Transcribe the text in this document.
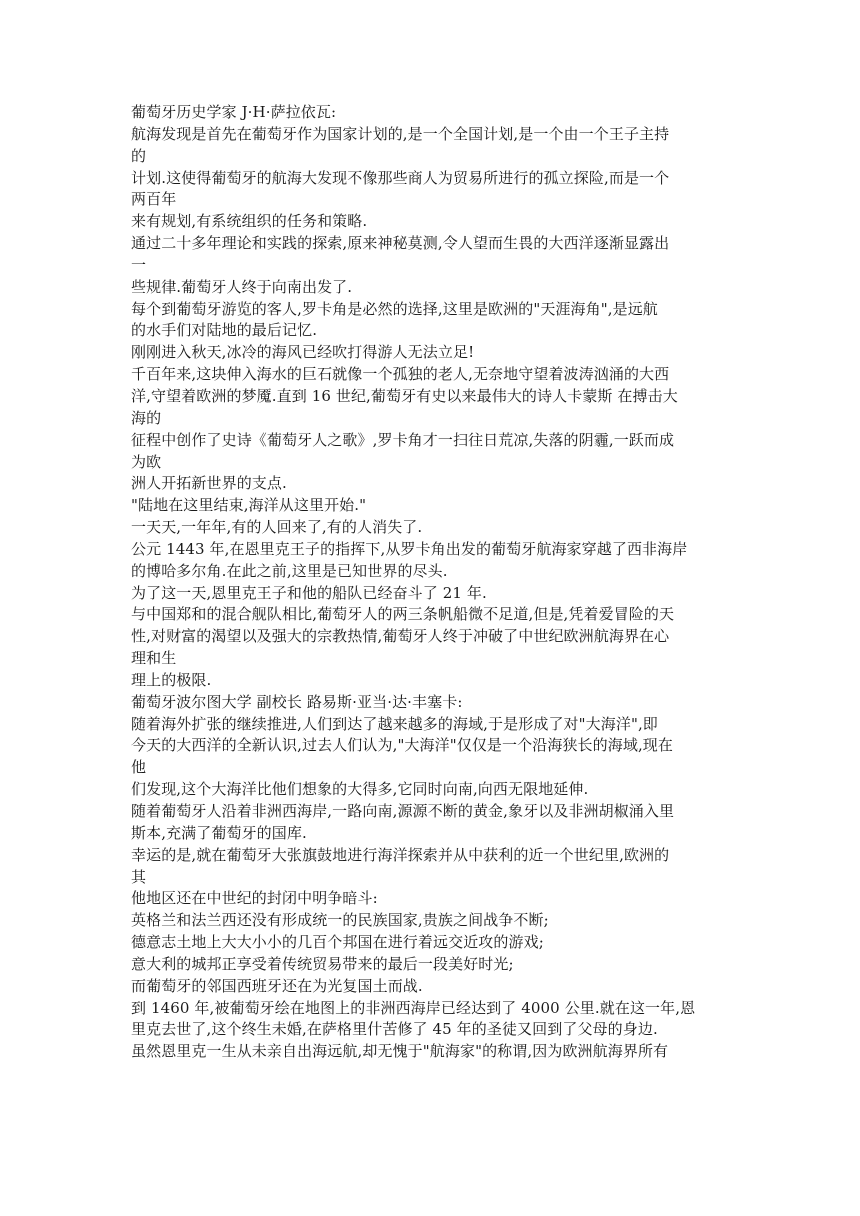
葡萄牙历史学家 J·H·萨拉依瓦:
航海发现是首先在葡萄牙作为国家计划的,是一个全国计划,是一个由一个王子主持
的
计划.这使得葡萄牙的航海大发现不像那些商人为贸易所进行的孤立探险,而是一个
两百年
来有规划,有系统组织的任务和策略.
通过二十多年理论和实践的探索,原来神秘莫测,令人望而生畏的大西洋逐渐显露出
一
些规律.葡萄牙人终于向南出发了.
每个到葡萄牙游览的客人,罗卡角是必然的选择,这里是欧洲的"天涯海角",是远航
的水手们对陆地的最后记忆.
刚刚进入秋天,冰冷的海风已经吹打得游人无法立足!
千百年来,这块伸入海水的巨石就像一个孤独的老人,无奈地守望着波涛汹涌的大西
洋,守望着欧洲的梦魇.直到 16 世纪,葡萄牙有史以来最伟大的诗人卡蒙斯 在搏击大
海的
征程中创作了史诗《葡萄牙人之歌》,罗卡角才一扫往日荒凉,失落的阴霾,一跃而成
为欧
洲人开拓新世界的支点.
"陆地在这里结束,海洋从这里开始."
一天天,一年年,有的人回来了,有的人消失了.
公元 1443 年,在恩里克王子的指挥下,从罗卡角出发的葡萄牙航海家穿越了西非海岸
的博哈多尔角.在此之前,这里是已知世界的尽头.
为了这一天,恩里克王子和他的船队已经奋斗了 21 年.
与中国郑和的混合舰队相比,葡萄牙人的两三条帆船微不足道,但是,凭着爱冒险的天
性,对财富的渴望以及强大的宗教热情,葡萄牙人终于冲破了中世纪欧洲航海界在心
理和生
理上的极限.
葡萄牙波尔图大学 副校长 路易斯·亚当·达·丰塞卡:
随着海外扩张的继续推进,人们到达了越来越多的海域,于是形成了对"大海洋",即
今天的大西洋的全新认识,过去人们认为,"大海洋"仅仅是一个沿海狭长的海域,现在
他
们发现,这个大海洋比他们想象的大得多,它同时向南,向西无限地延伸.
随着葡萄牙人沿着非洲西海岸,一路向南,源源不断的黄金,象牙以及非洲胡椒涌入里
斯本,充满了葡萄牙的国库.
幸运的是,就在葡萄牙大张旗鼓地进行海洋探索并从中获利的近一个世纪里,欧洲的
其
他地区还在中世纪的封闭中明争暗斗:
英格兰和法兰西还没有形成统一的民族国家,贵族之间战争不断;
德意志土地上大大小小的几百个邦国在进行着远交近攻的游戏;
意大利的城邦正享受着传统贸易带来的最后一段美好时光;
而葡萄牙的邻国西班牙还在为光复国土而战.
到 1460 年,被葡萄牙绘在地图上的非洲西海岸已经达到了 4000 公里.就在这一年,恩
里克去世了,这个终生未婚,在萨格里什苦修了 45 年的圣徒又回到了父母的身边.
虽然恩里克一生从未亲自出海远航,却无愧于"航海家"的称谓,因为欧洲航海界所有
